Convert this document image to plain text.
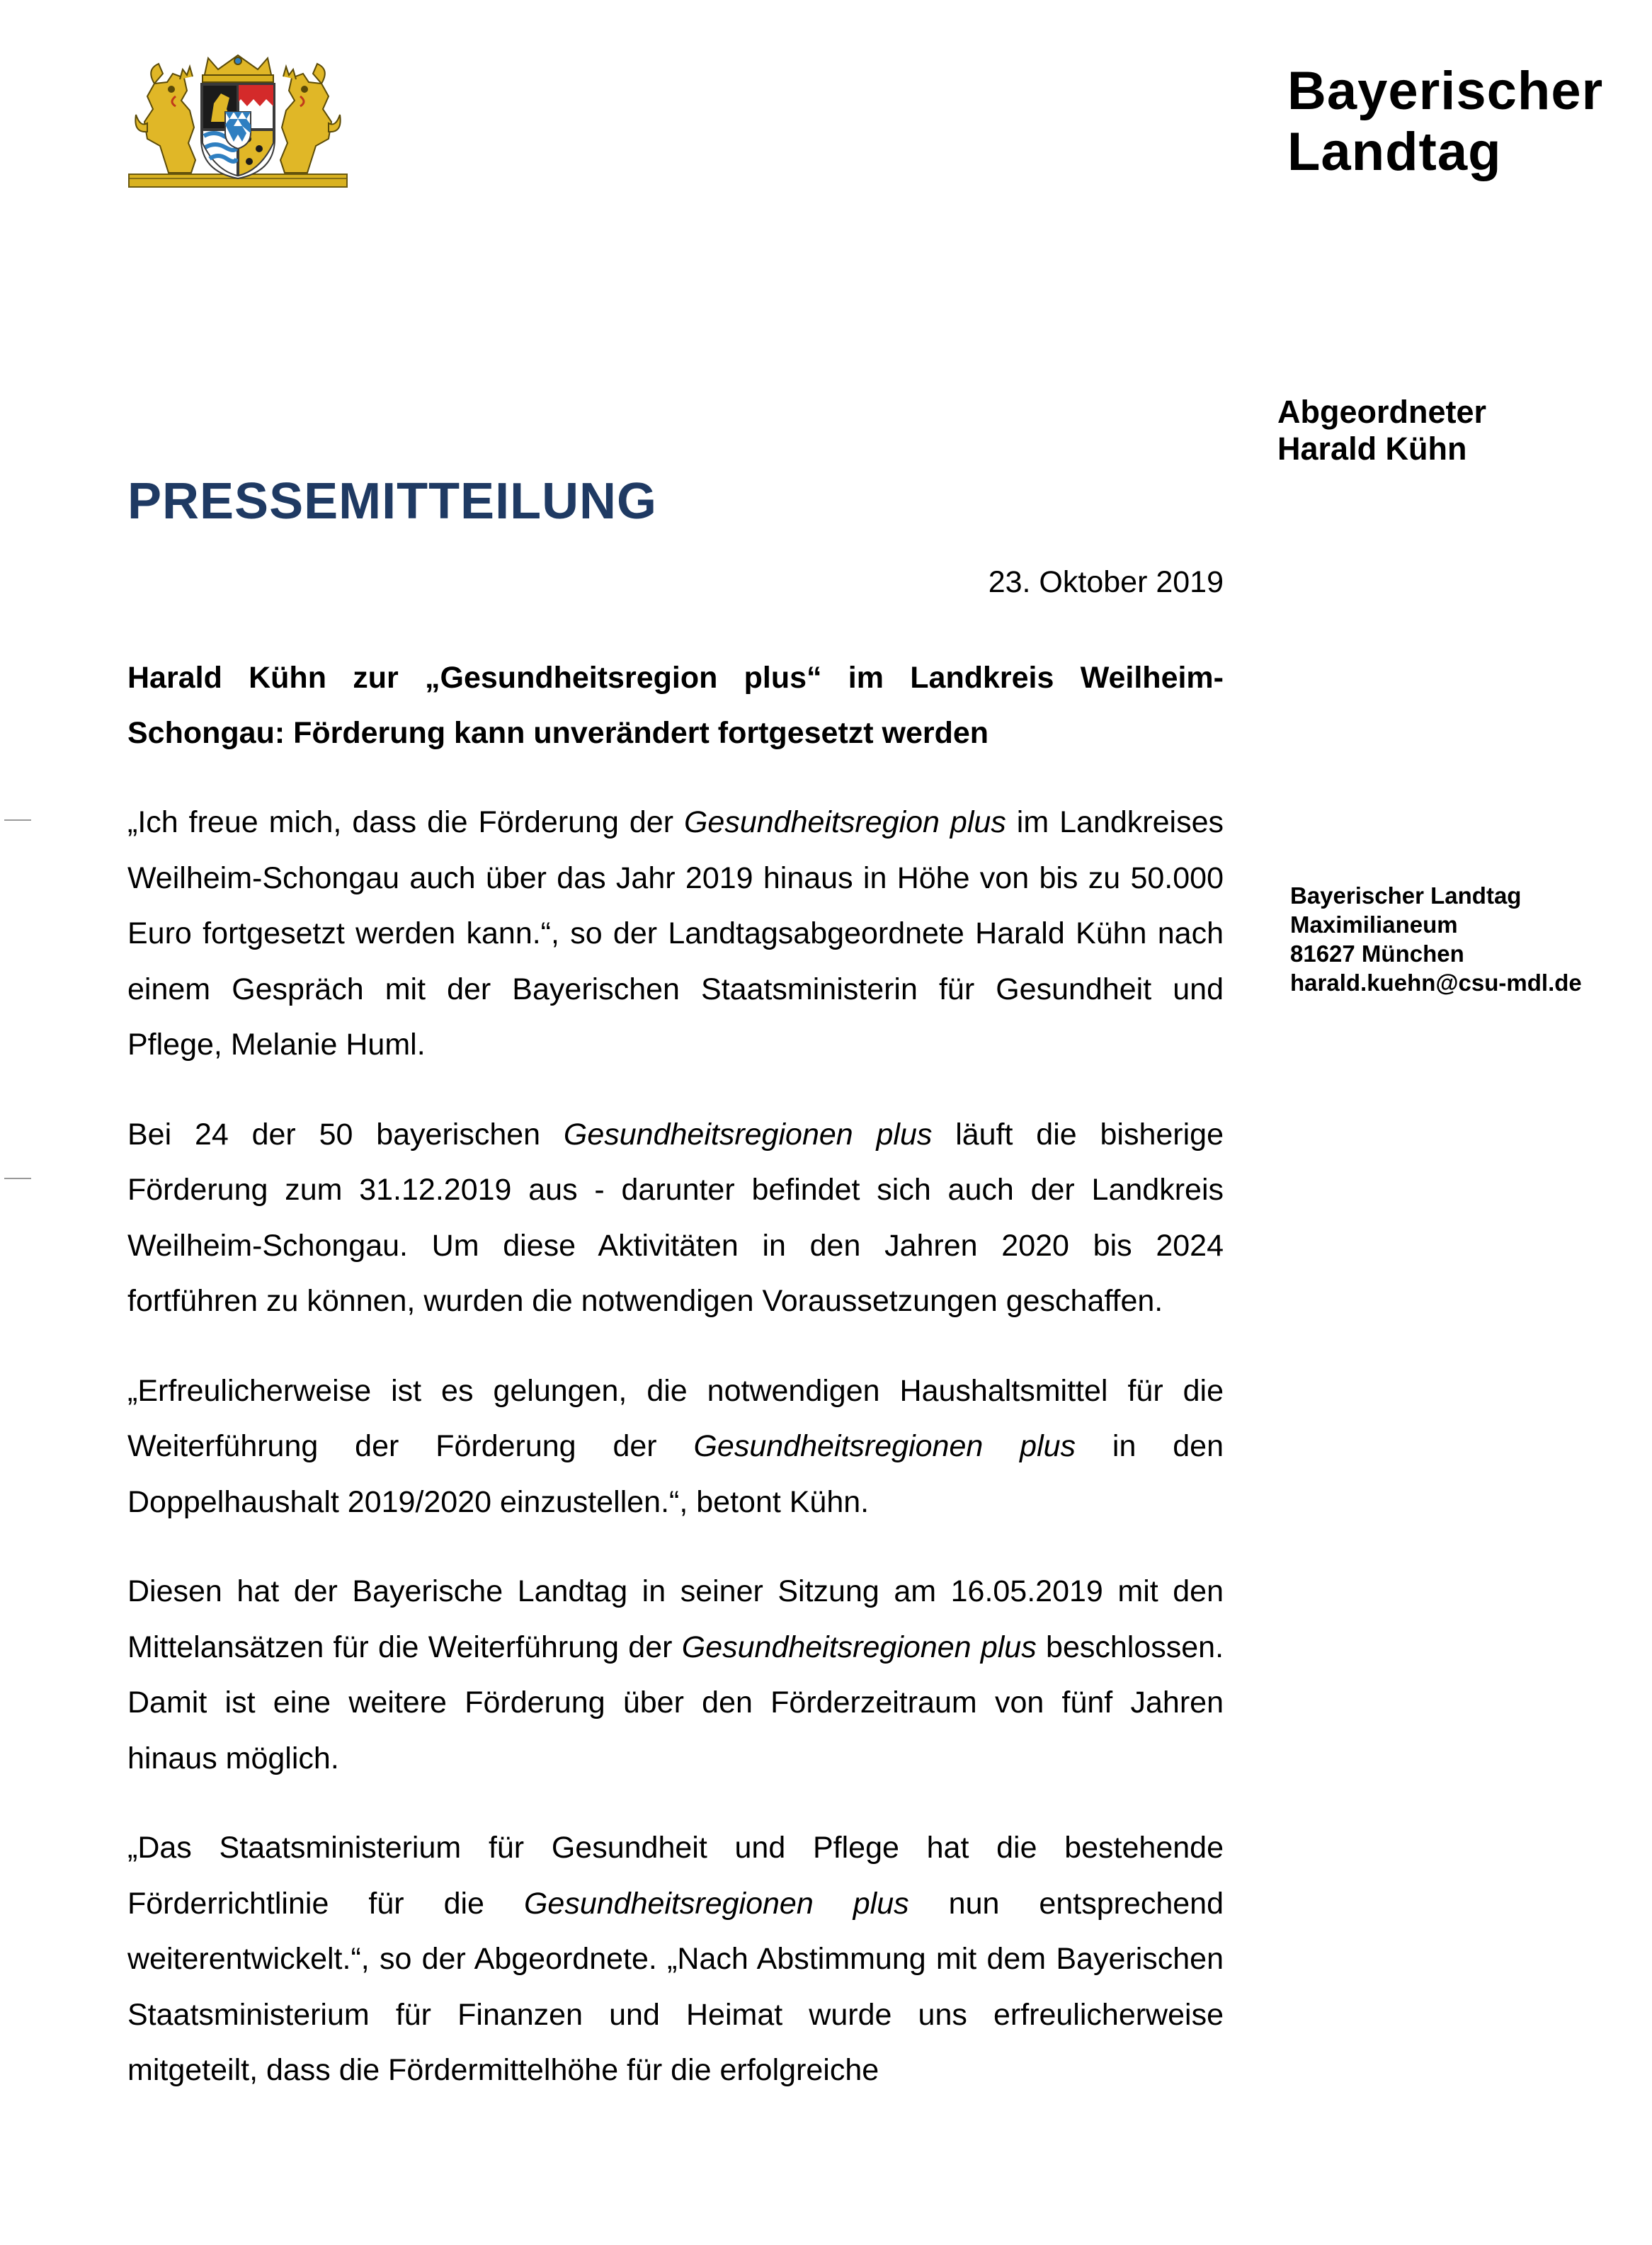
Bayerischer
Landtag
Abgeordneter
Harald Kühn
PRESSEMITTEILUNG
23. Oktober 2019
Bayerischer Landtag
Maximilianeum
81627 München
harald.kuehn@csu-mdl.de

Harald Kühn zur „Gesundheitsregion plus“ im Landkreis Weilheim-Schongau: Förderung kann unverändert fortgesetzt werden

„Ich freue mich, dass die Förderung der Gesundheitsregion plus im Landkreises Weilheim-Schongau auch über das Jahr 2019 hinaus in Höhe von bis zu 50.000 Euro fortgesetzt werden kann.“, so der Landtagsabgeordnete Harald Kühn nach einem Gespräch mit der Bayerischen Staatsministerin für Gesundheit und Pflege, Melanie Huml.

Bei 24 der 50 bayerischen Gesundheitsregionen plus läuft die bisherige Förderung zum 31.12.2019 aus - darunter befindet sich auch der Landkreis Weilheim-Schongau. Um diese Aktivitäten in den Jahren 2020 bis 2024 fortführen zu können, wurden die notwendigen Voraussetzungen geschaffen.

„Erfreulicherweise ist es gelungen, die notwendigen Haushaltsmittel für die Weiterführung der Förderung der Gesundheitsregionen plus in den Doppelhaushalt 2019/2020 einzustellen.“, betont Kühn.

Diesen hat der Bayerische Landtag in seiner Sitzung am 16.05.2019 mit den Mittelansätzen für die Weiterführung der Gesundheitsregionen plus beschlossen. Damit ist eine weitere Förderung über den Förderzeitraum von fünf Jahren hinaus möglich.

„Das Staatsministerium für Gesundheit und Pflege hat die bestehende Förderrichtlinie für die Gesundheitsregionen plus nun entsprechend weiterentwickelt.“, so der Abgeordnete. „Nach Abstimmung mit dem Bayerischen Staatsministerium für Finanzen und Heimat wurde uns erfreulicherweise mitgeteilt, dass die Fördermittelhöhe für die erfolgreiche
